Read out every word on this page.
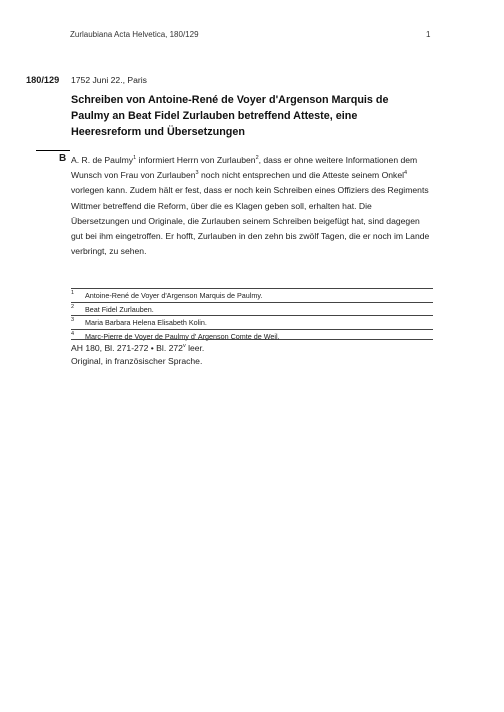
Zurlaubiana Acta Helvetica, 180/129	1
180/129 1752 Juni 22., Paris
Schreiben von Antoine-René de Voyer d'Argenson Marquis de Paulmy an Beat Fidel Zurlauben betreffend Atteste, eine Heeresreform und Übersetzungen
B A. R. de Paulmy$^1$ informiert Herrn von Zurlauben$^2$, dass er ohne weitere Informationen dem Wunsch von Frau von Zurlauben$^3$ noch nicht entsprechen und die Atteste seinem Onkel$^4$ vorlegen kann. Zudem hält er fest, dass er noch kein Schreiben eines Offiziers des Regiments Wittmer betreffend die Reform, über die es Klagen geben soll, erhalten hat. Die Übersetzungen und Originale, die Zurlauben seinem Schreiben beigefügt hat, sind dagegen gut bei ihm eingetroffen. Er hofft, Zurlauben in den zehn bis zwölf Tagen, die er noch im Lande verbringt, zu sehen.

1	Antoine-René de Voyer d'Argenson Marquis de Paulmy.
2	Beat Fidel Zurlauben.
3	Maria Barbara Helena Elisabeth Kolin.
4	Marc-Pierre de Voyer de Paulmy d' Argenson Comte de Weil.
AH 180, Bl. 271-272 • Bl. 272$^v$ leer.
Original, in französischer Sprache.
